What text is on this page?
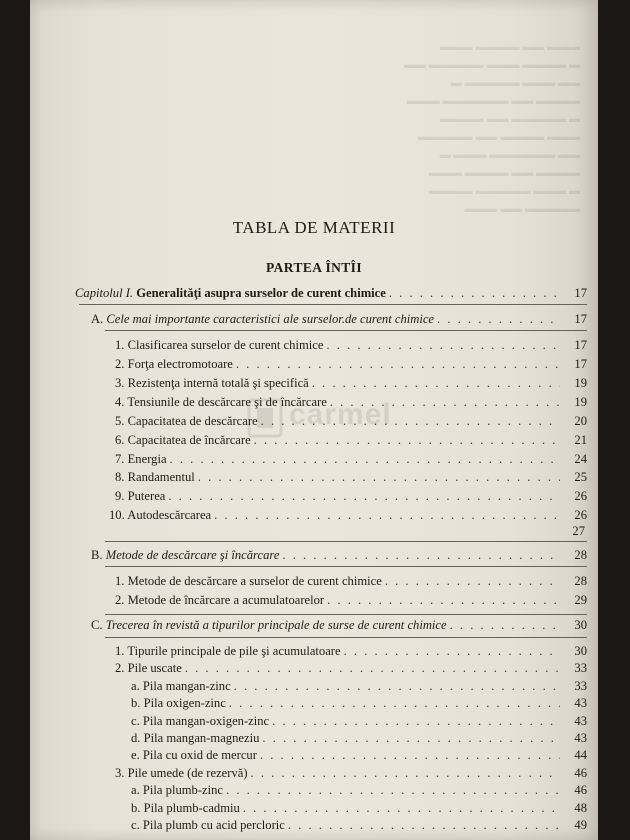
▬▬▬ ▬▬ ▬▬▬▬ ▬▬▬
▬ ▬▬▬▬ ▬▬▬ ▬▬▬▬▬ ▬▬
▬▬ ▬▬▬ ▬▬▬▬▬ ▬
▬▬▬▬ ▬▬ ▬▬▬▬▬▬ ▬▬▬
▬ ▬▬▬▬▬ ▬▬ ▬▬▬▬
▬▬▬ ▬▬▬▬ ▬▬ ▬▬▬▬▬
▬▬ ▬▬▬▬▬▬ ▬▬▬ ▬
▬▬▬▬ ▬▬ ▬▬▬▬ ▬▬▬
▬ ▬▬▬ ▬▬▬▬▬ ▬▬▬▬
▬▬▬▬▬ ▬▬ ▬▬▬
TABLA DE MATERII
PARTEA ÎNTÎI
Capitolul I. Generalităţi asupra surselor de curent chimice . . .	17
A. Cele mai importante caracteristici ale surselor.de curent chimice . . .	17
1. Clasificarea surselor de curent chimice . . .	17
2. Forţa electromotoare . . .	17
3. Rezistenţa internă totală şi specifică . . .	19
4. Tensiunile de descărcare şi de încărcare . . .	19
5. Capacitatea de descărcare . . .	20
6. Capacitatea de încărcare . . .	21
7. Energia . . .	24
8. Randamentul . . .	25
9. Puterea . . .	26
10. Autodescărcarea . . .	26
27
B. Metode de descărcare şi încărcare . . .	28
1. Metode de descărcare a surselor de curent chimice . . .	28
2. Metode de încărcare a acumulatoarelor . . .	29
C. Trecerea în revistă a tipurilor principale de surse de curent chimice . . .	30
1. Tipurile principale de pile şi acumulatoare . . .	30
2. Pile uscate . . .	33
a. Pila mangan-zinc . . .	33
b. Pila oxigen-zinc . . .	43
c. Pila mangan-oxigen-zinc . . .	43
d. Pila mangan-magneziu . . .	43
e. Pila cu oxid de mercur . . .	44
3. Pile umede (de rezervă) . . .	46
a. Pila plumb-zinc . . .	46
b. Pila plumb-cadmiu . . .	48
c. Pila plumb cu acid percloric . . .	49
carmel
